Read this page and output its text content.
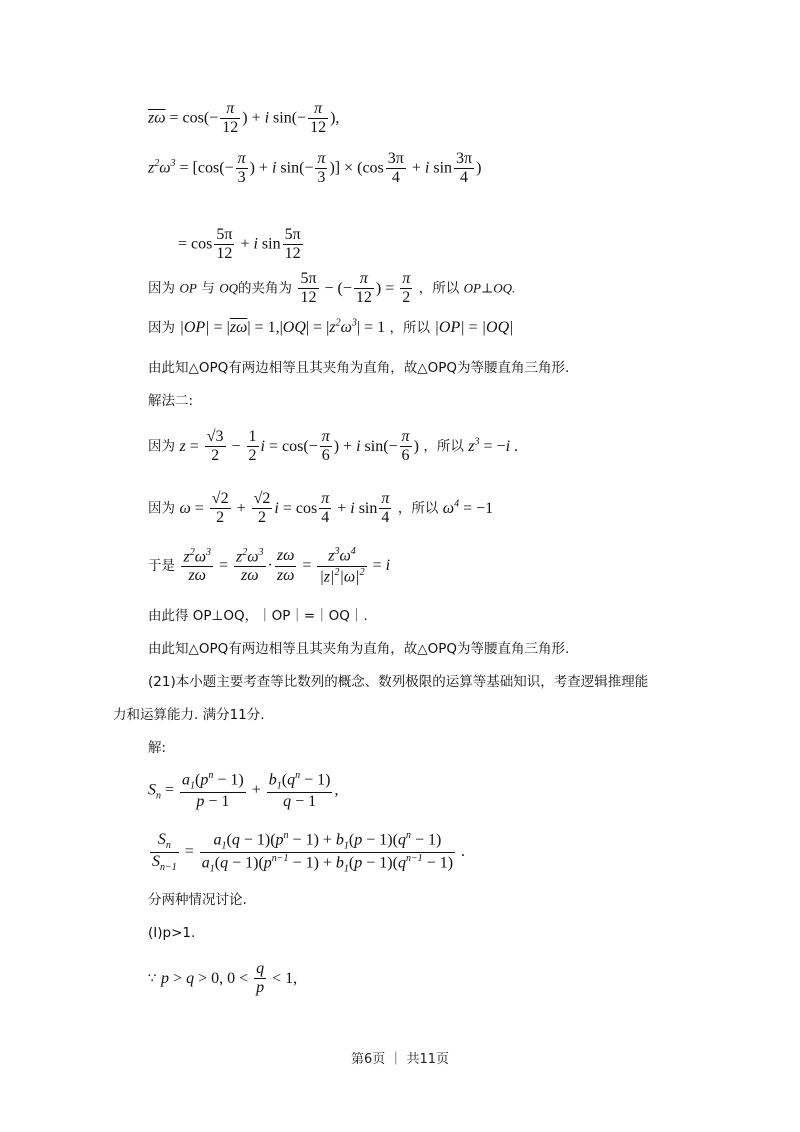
$\overline{z\omega} = \cos(- \frac{\pi}{12}$ ) + i $\sin(- \frac{\pi}{12}$ ),
$z^2\omega^3 = [\cos(- \frac{\pi}{3}$ ) + i $\sin(- \frac{\pi}{3}$ )] × ($\cos \frac{3\pi}{4} + i$ $\sin \frac{3\pi}{4}$ )
= $\cos \frac{5\pi}{12} + i$ $\sin \frac{5\pi}{12}$
因为 OP 与 OQ的夹角为 $\frac{5\pi}{12}$ − (− $\frac{\pi}{12}$ ) = $\frac{\pi}{2}$ ，所以 OP⊥OQ.
因为 $|OP| = |\overline{z\omega}| = 1,|OQ| = |z^2\omega^3| = 1$ ，所以 |OP| = |OQ|
由此知△OPQ有两边相等且其夹角为直角，故△OPQ为等腰直角三角形.
解法二:
因为 $z = \frac{√3}{2} - \frac{1}{2}$ $i = \cos(- \frac{\pi}{6}$ ) + i $\sin(- \frac{\pi}{6}$ ) ，所以 $z^3 = -i$ .
因为 $\omega = \frac{√2}{2} + \frac{√2}{2}$ $i = \cos \frac{\pi}{4} + i$ $\sin \frac{\pi}{4}$ ，所以 $\omega^4 = -1$
于是 $\frac{z^2\omega^3}{z\omega} = \frac{z^2\omega^3}{z\omega} \cdot \frac{z\omega}{z\omega} = \frac{z^3\omega^4}{|z|^2|\omega|^2} = i$
由此得 OP⊥OQ，｜OP｜=｜OQ｜.
由此知△OPQ有两边相等且其夹角为直角，故△OPQ为等腰直角三角形.
(21)本小题主要考查等比数列的概念、数列极限的运算等基础知识，考查逻辑推理能
力和运算能力. 满分11分.
解:
$S_n = \frac{a_1(p^n - 1)}{p - 1} + \frac{b_1(q^n - 1)}{q - 1}$ ,
$\frac{S_n}{S_{n-1}} = \frac{a_1(q - 1)(p^n - 1) + b_1(p - 1)(q^n - 1)}{a_1(q - 1)(p^{n-1} - 1) + b_1(p - 1)(q^{n-1} - 1)}$ .
分两种情况讨论.
(Ⅰ)p>1.
∵ p > q > 0, $0 < \frac{q}{p} < 1$,
第6页 ｜ 共11页
